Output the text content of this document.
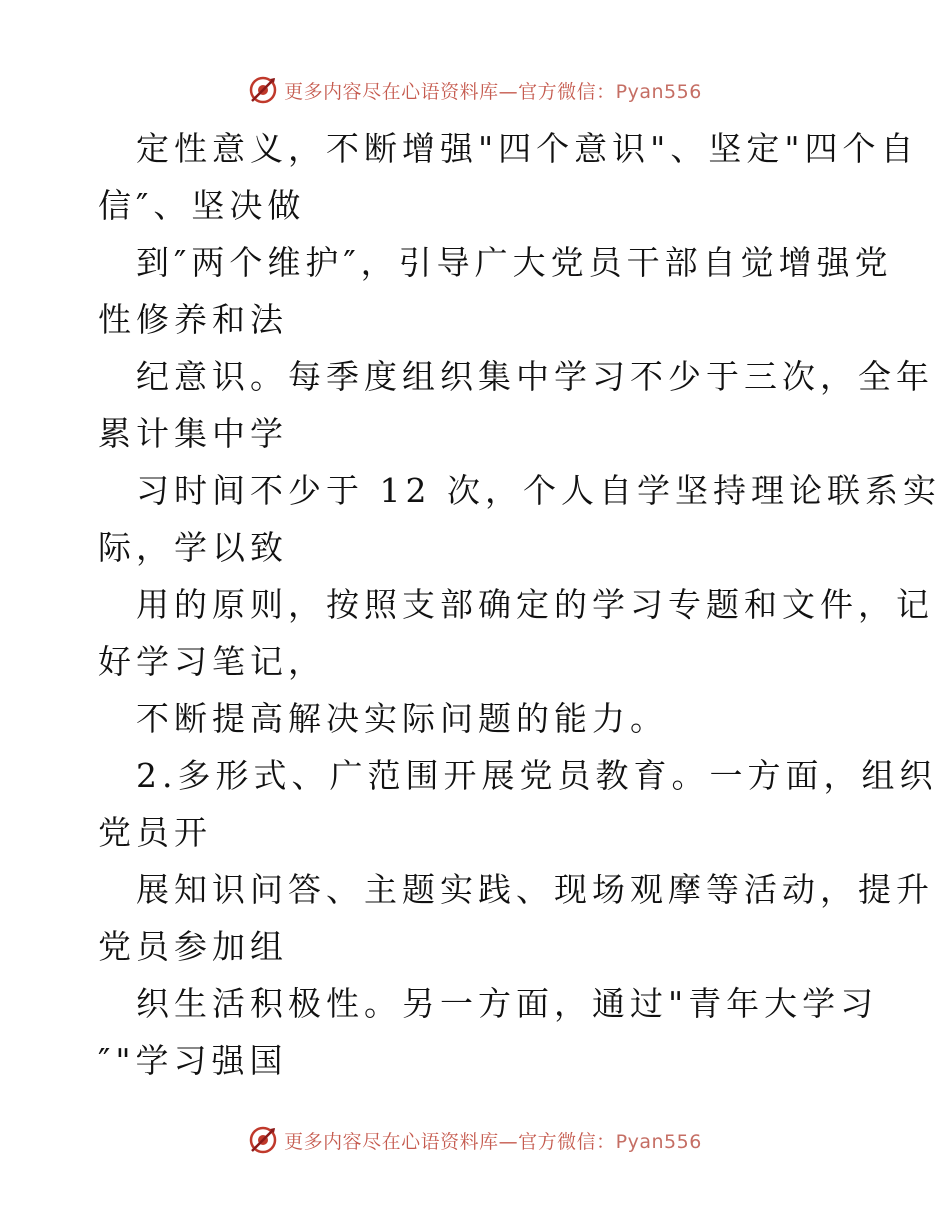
更多内容尽在心语资料库—官方微信：Pyan556
定性意义，不断增强"四个意识"、坚定"四个自
信″、坚决做
到″两个维护″，引导广大党员干部自觉增强党
性修养和法
纪意识。每季度组织集中学习不少于三次，全年
累计集中学
习时间不少于 12 次，个人自学坚持理论联系实
际，学以致
用的原则，按照支部确定的学习专题和文件，记
好学习笔记，
不断提高解决实际问题的能力。
2.多形式、广范围开展党员教育。一方面，组织
党员开
展知识问答、主题实践、现场观摩等活动，提升
党员参加组
织生活积极性。另一方面，通过"青年大学习
″"学习强国
更多内容尽在心语资料库—官方微信：Pyan556
